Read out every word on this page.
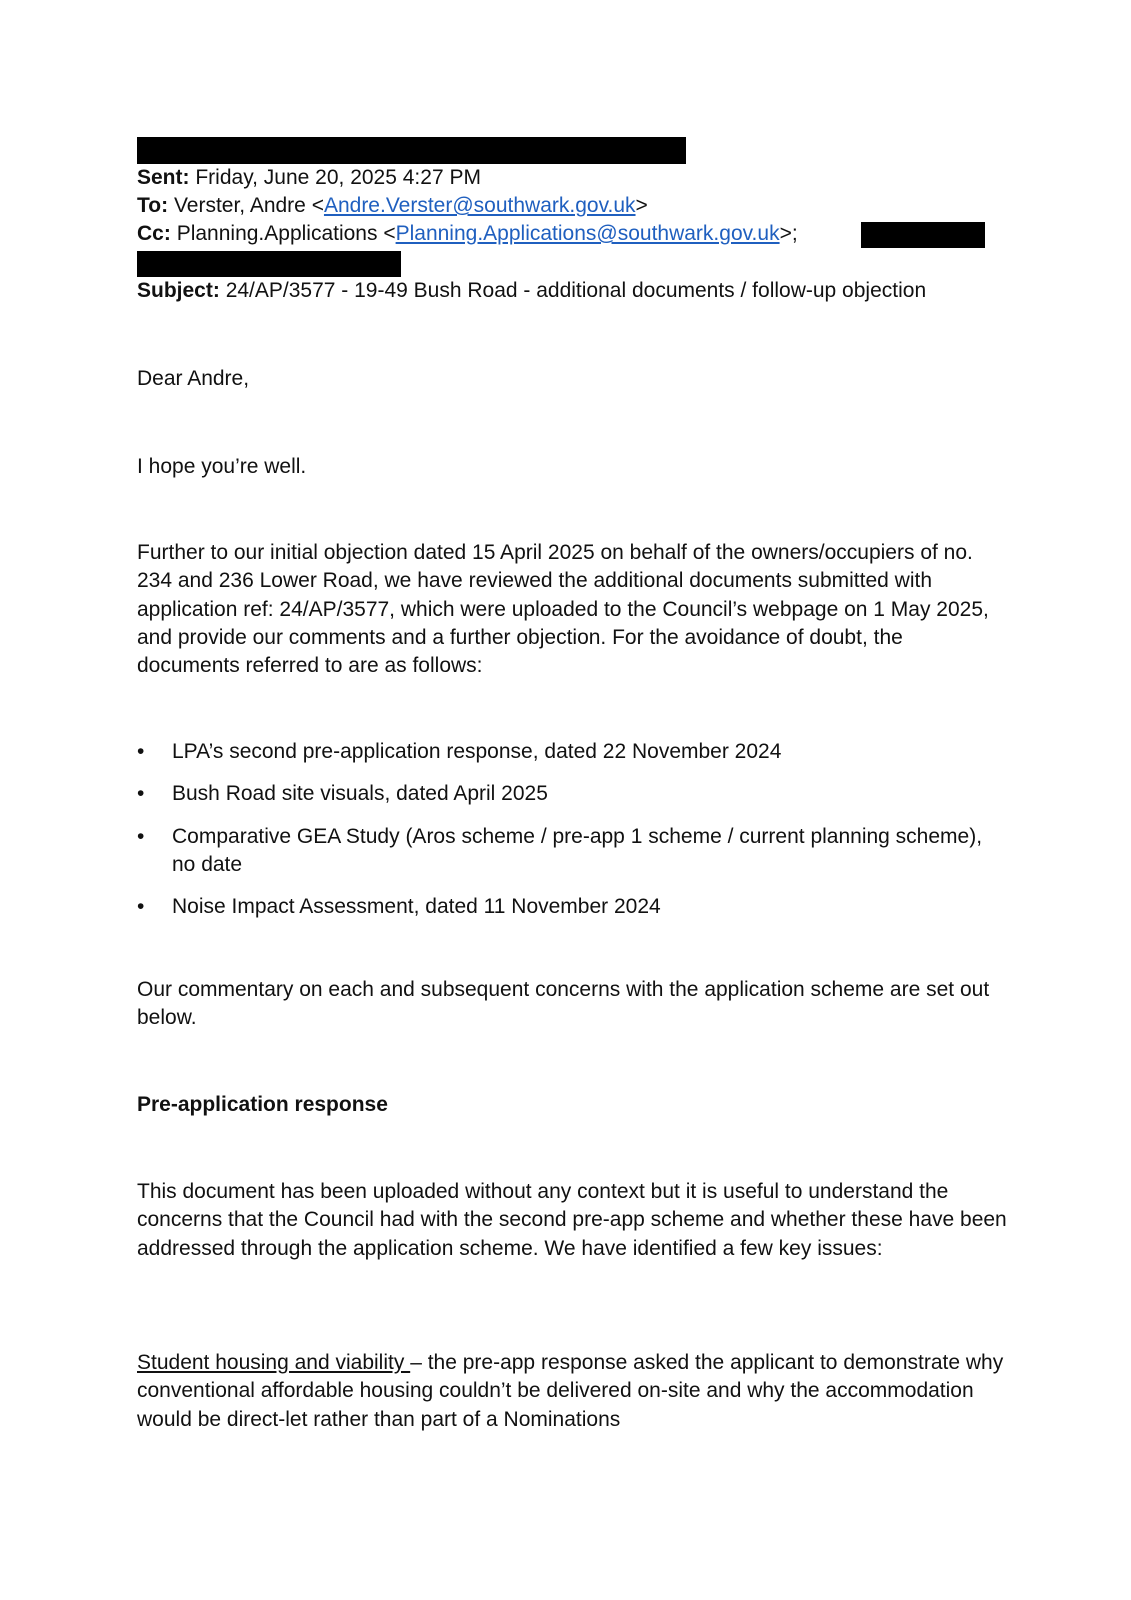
Sent: Friday, June 20, 2025 4:27 PM
To: Verster, Andre <Andre.Verster@southwark.gov.uk>
Cc: Planning.Applications <Planning.Applications@southwark.gov.uk>;
Subject: 24/AP/3577 - 19-49 Bush Road - additional documents / follow-up objection
Dear Andre,
I hope you’re well.
Further to our initial objection dated 15 April 2025 on behalf of the owners/occupiers of no. 234 and 236 Lower Road, we have reviewed the additional documents submitted with application ref: 24/AP/3577, which were uploaded to the Council’s webpage on 1 May 2025, and provide our comments and a further objection. For the avoidance of doubt, the documents referred to are as follows:
• LPA’s second pre-application response, dated 22 November 2024
• Bush Road site visuals, dated April 2025
• Comparative GEA Study (Aros scheme / pre-app 1 scheme / current planning scheme), no date
• Noise Impact Assessment, dated 11 November 2024
Our commentary on each and subsequent concerns with the application scheme are set out below.
Pre-application response
This document has been uploaded without any context but it is useful to understand the concerns that the Council had with the second pre-app scheme and whether these have been addressed through the application scheme. We have identified a few key issues:
Student housing and viability – the pre-app response asked the applicant to demonstrate why conventional affordable housing couldn’t be delivered on-site and why the accommodation would be direct-let rather than part of a Nominations
